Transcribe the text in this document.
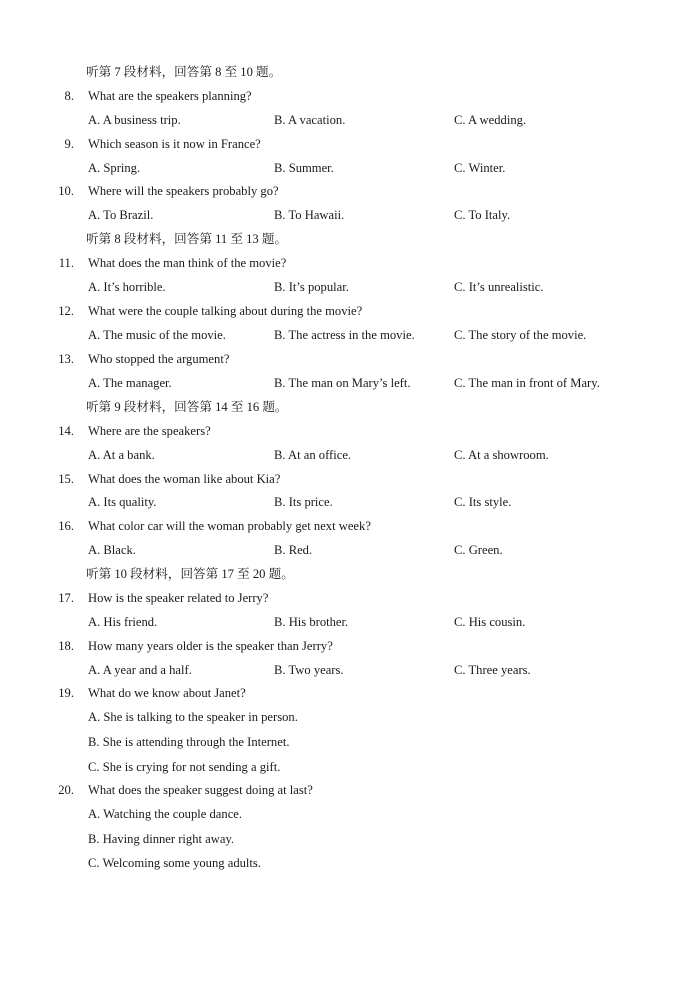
听第 7 段材料，回答第 8 至 10 题。
8. What are the speakers planning?
A. A business trip.	B. A vacation.	C. A wedding.
9. Which season is it now in France?
A. Spring.	B. Summer.	C. Winter.
10. Where will the speakers probably go?
A. To Brazil.	B. To Hawaii.	C. To Italy.
听第 8 段材料，回答第 11 至 13 题。
11. What does the man think of the movie?
A. It’s horrible.	B. It’s popular.	C. It’s unrealistic.
12. What were the couple talking about during the movie?
A. The music of the movie.	B. The actress in the movie.	C. The story of the movie.
13. Who stopped the argument?
A. The manager.	B. The man on Mary’s left.	C. The man in front of Mary.
听第 9 段材料，回答第 14 至 16 题。
14. Where are the speakers?
A. At a bank.	B. At an office.	C. At a showroom.
15. What does the woman like about Kia?
A. Its quality.	B. Its price.	C. Its style.
16. What color car will the woman probably get next week?
A. Black.	B. Red.	C. Green.
听第 10 段材料，回答第 17 至 20 题。
17. How is the speaker related to Jerry?
A. His friend.	B. His brother.	C. His cousin.
18. How many years older is the speaker than Jerry?
A. A year and a half.	B. Two years.	C. Three years.
19. What do we know about Janet?
A. She is talking to the speaker in person.
B. She is attending through the Internet.
C. She is crying for not sending a gift.
20. What does the speaker suggest doing at last?
A. Watching the couple dance.
B. Having dinner right away.
C. Welcoming some young adults.
